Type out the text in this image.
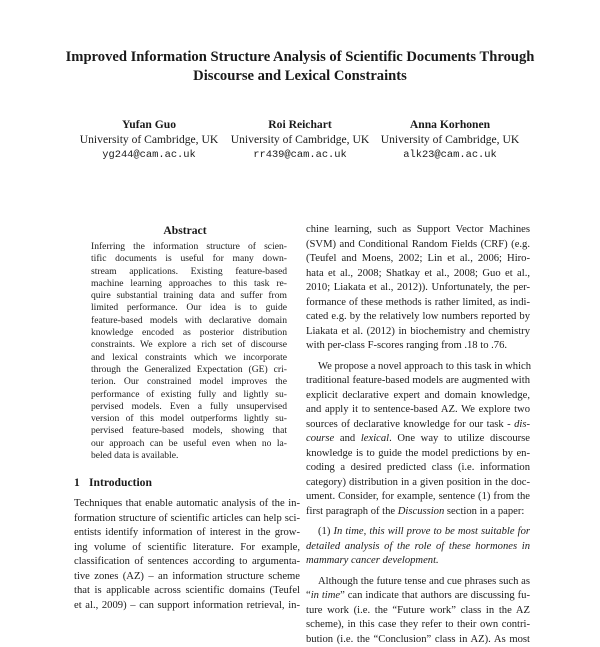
Improved Information Structure Analysis of Scientific Documents Through
Discourse and Lexical Constraints
Yufan Guo
University of Cambridge, UK
yg244@cam.ac.uk
Roi Reichart
University of Cambridge, UK
rr439@cam.ac.uk
Anna Korhonen
University of Cambridge, UK
alk23@cam.ac.uk
Abstract
Inferring the information structure of scien-
tific documents is useful for many down-
stream applications. Existing feature-based
machine learning approaches to this task re-
quire substantial training data and suffer from
limited performance. Our idea is to guide
feature-based models with declarative domain
knowledge encoded as posterior distribution
constraints. We explore a rich set of discourse
and lexical constraints which we incorporate
through the Generalized Expectation (GE) cri-
terion. Our constrained model improves the
performance of existing fully and lightly su-
pervised models. Even a fully unsupervised
version of this model outperforms lightly su-
pervised feature-based models, showing that
our approach can be useful even when no la-
beled data is available.
1 Introduction
Techniques that enable automatic analysis of the in-
formation structure of scientific articles can help sci-
entists identify information of interest in the grow-
ing volume of scientific literature. For example,
classification of sentences according to argumenta-
tive zones (AZ) – an information structure scheme
that is applicable across scientific domains (Teufel
et al., 2009) – can support information retrieval, in-
chine learning, such as Support Vector Machines
(SVM) and Conditional Random Fields (CRF) (e.g.
(Teufel and Moens, 2002; Lin et al., 2006; Hiro-
hata et al., 2008; Shatkay et al., 2008; Guo et al.,
2010; Liakata et al., 2012)). Unfortunately, the per-
formance of these methods is rather limited, as indi-
cated e.g. by the relatively low numbers reported by
Liakata et al. (2012) in biochemistry and chemistry
with per-class F-scores ranging from .18 to .76.
We propose a novel approach to this task in which
traditional feature-based models are augmented with
explicit declarative expert and domain knowledge,
and apply it to sentence-based AZ. We explore two
sources of declarative knowledge for our task - dis-
course and lexical. One way to utilize discourse
knowledge is to guide the model predictions by en-
coding a desired predicted class (i.e. information
category) distribution in a given position in the doc-
ument. Consider, for example, sentence (1) from the
first paragraph of the Discussion section in a paper:
(1) In time, this will prove to be most suitable for
detailed analysis of the role of these hormones in
mammary cancer development.
Although the future tense and cue phrases such as
“in time” can indicate that authors are discussing fu-
ture work (i.e. the “Future work” class in the AZ
scheme), in this case they refer to their own contri-
bution (i.e. the “Conclusion” class in AZ). As most
